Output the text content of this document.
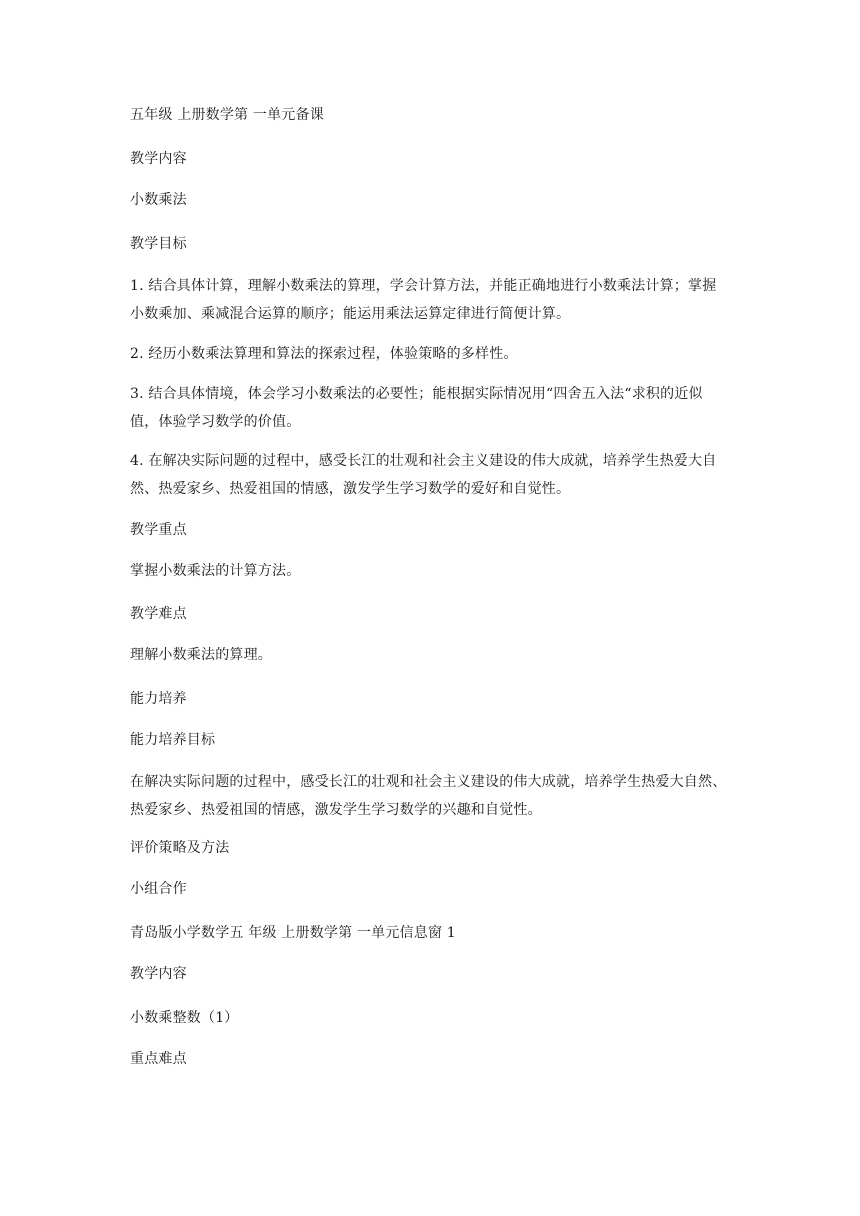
五年级 上册数学第 一单元备课
教学内容
小数乘法
教学目标
1. 结合具体计算，理解小数乘法的算理，学会计算方法，并能正确地进行小数乘法计算；掌握小数乘加、乘减混合运算的顺序；能运用乘法运算定律进行简便计算。
2. 经历小数乘法算理和算法的探索过程，体验策略的多样性。
3. 结合具体情境，体会学习小数乘法的必要性；能根据实际情况用“四舍五入法“求积的近似值，体验学习数学的价值。
4. 在解决实际问题的过程中，感受长江的壮观和社会主义建设的伟大成就，培养学生热爱大自然、热爱家乡、热爱祖国的情感，激发学生学习数学的爱好和自觉性。
教学重点
掌握小数乘法的计算方法。
教学难点
理解小数乘法的算理。
能力培养
能力培养目标
在解决实际问题的过程中，感受长江的壮观和社会主义建设的伟大成就，培养学生热爱大自然、热爱家乡、热爱祖国的情感，激发学生学习数学的兴趣和自觉性。
评价策略及方法
小组合作
青岛版小学数学五 年级 上册数学第 一单元信息窗 1
教学内容
小数乘整数（1）
重点难点
